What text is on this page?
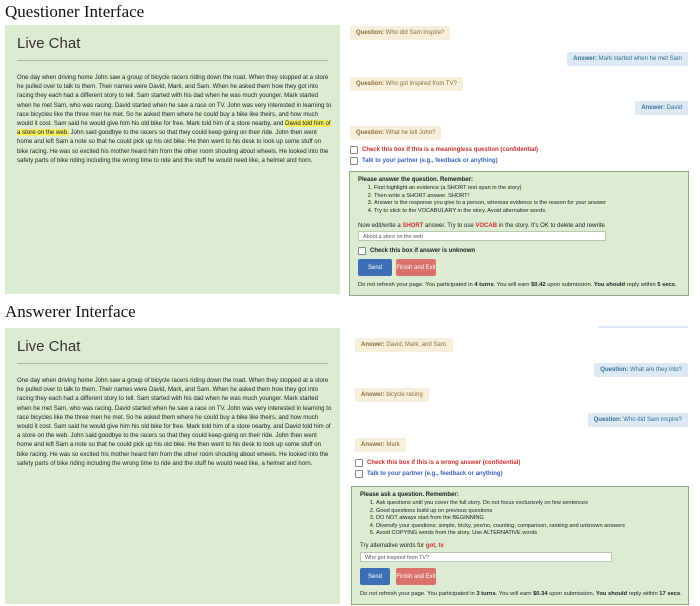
Questioner Interface
Live Chat
One day when driving home John saw a group of bicycle racers riding down the road. When they stopped at a store he pulled over to talk to them. Their names were David, Mark, and Sam. When he asked them how they got into racing they each had a different story to tell. Sam started with his dad when he was much younger. Mark started when he met Sam, who was racing. David started when he saw a race on TV. John was very interested in learning to race bicycles like the three men he met. So he asked them where he could buy a bike like theirs, and how much would it cost. Sam said he would give him his old bike for free. Mark told him of a store nearby, and David told him of a store on the web. John said goodbye to the racers so that they could keep going on their ride. John then went home and left Sam a note so that he could pick up his old bike. He then went to his desk to look up some stuff on bike racing. He was so excited his mother heard him from the other room shouting about wheels. He looked into the safety parts of bike riding including the wrong time to ride and the stuff he would need like, a helmet and horn.
Question: Who did Sam inspire?
Answer: Mark started when he met Sam
Question: Who got inspired from TV?
Answer: David
Question: What he tell John?
Check this box if this is a meaningless question (confidential)
Talk to your partner (e.g., feedback or anything)
Please answer the question. Remember:
1. First highlight an evidence (a SHORT text span in the story)
2. Then write a SHORT answer. SHORT!
3. Answer is the response you give to a person, whereas evidence is the reason for your answer
4. Try to stick to the VOCABULARY in the story. Avoid alternative words.
Now edit/write a SHORT answer. Try to use VOCAB in the story. It's OK to delete and rewrite
About a store on the web
Check this box if answer is unknown
Send	Finish and Exit
Do not refresh your page. You participated in 4 turns. You will earn $0.42 upon submission. You should reply within 5 secs.
Answerer Interface
Live Chat
One day when driving home John saw a group of bicycle racers riding down the road. When they stopped at a store he pulled over to talk to them. Their names were David, Mark, and Sam. When he asked them how they got into racing they each had a different story to tell. Sam started with his dad when he was much younger. Mark started when he met Sam, who was racing. David started when he saw a race on TV. John was very interested in learning to race bicycles like the three men he met. So he asked them where he could buy a bike like theirs, and how much would it cost. Sam said he would give him his old bike for free. Mark told him of a store nearby, and David told him of a store on the web. John said goodbye to the racers so that they could keep going on their ride. John then went home and left Sam a note so that he could pick up his old bike. He then went to his desk to look up some stuff on bike racing. He was so excited his mother heard him from the other room shouting about wheels. He looked into the safety parts of bike riding including the wrong time to ride and the stuff he would need like, a helmet and horn.
Answer: David, Mark, and Sam.
Question: What are they into?
Answer: bicycle racing
Question: Who did Sam inspire?
Answer: Mark
Check this box if this is a wrong answer (confidential)
Talk to your partner (e.g., feedback or anything)
Please ask a question. Remember:
1. Ask questions until you cover the full story. Do not focus exclusively on few sentences
2. Good questions build up on previous questions
3. DO NOT always start from the BEGINNING
4. Diversify your questions: simple, tricky, yes/no, counting, comparison, ranking and unknown answers
5. Avoid COPYING words from the story. Use ALTERNATIVE words
Try alternative words for got, tv
Who got inspired from TV?
Send	Finish and Exit
Do not refresh your page. You participated in 3 turns. You will earn $0.34 upon submission. You should reply within 17 secs.
